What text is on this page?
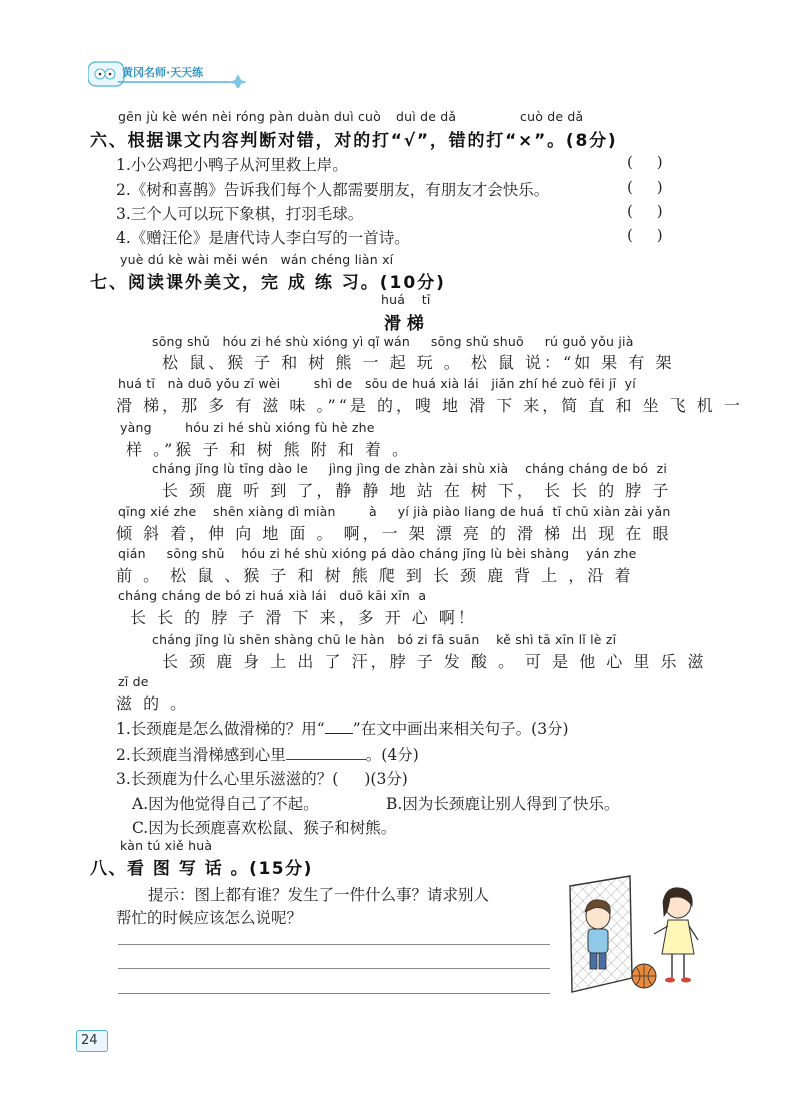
黄冈名师·天天练
gēn jù kè wén nèi róng pàn duàn duì cuò duì de dǎ	cuò de dǎ
六、根据课文内容判断对错，对的打“√”，错的打“×”。(8分)
1.小公鸡把小鸭子从河里救上岸。	(     )
2.《树和喜鹊》告诉我们每个人都需要朋友，有朋友才会快乐。	(     )
3.三个人可以玩下象棋，打羽毛球。	(     )
4.《赠汪伦》是唐代诗人李白写的一首诗。	(     )
yuè dú kè wài měi wén   wán chéng liàn xí
七、阅读课外美文，完 成 练 习。(10分)
huá    tī
滑 梯
sōng shǔ   hóu zi hé shù xióng yì qǐ wán     sōng shǔ shuō     rú guǒ yǒu jià
松 鼠、猴 子 和 树 熊 一 起 玩 。 松 鼠 说：“如 果 有 架
huá tī   nà duō yǒu zī wèi        shì de   sōu de huá xià lái   jiǎn zhí hé zuò fēi jī  yí
滑 梯，那 多 有 滋 味 。”“是 的，嗖 地 滑 下 来，简 直 和 坐 飞 机 一
yàng        hóu zi hé shù xióng fù hè zhe
样 。”猴 子 和 树 熊 附 和 着 。
cháng jǐng lù tīng dào le     jìng jìng de zhàn zài shù xià    cháng cháng de bó  zi
长 颈 鹿 听 到 了，静 静 地 站 在 树 下， 长 长 的 脖 子
qīng xié zhe    shēn xiàng dì miàn        à     yí jià piào liang de huá  tī chū xiàn zài yǎn
倾 斜 着，伸 向 地 面 。 啊，一 架 漂 亮 的 滑 梯 出 现 在 眼
qián     sōng shǔ    hóu zi hé shù xióng pá dào cháng jǐng lù bèi shàng    yán zhe
前 。 松 鼠 、猴 子 和 树 熊 爬 到 长 颈 鹿 背 上 ，沿 着
cháng cháng de bó zi huá xià lái   duō kāi xīn  a
长 长 的 脖 子 滑 下 来，多 开 心 啊！
cháng jǐng lù shēn shàng chū le hàn   bó zi fā suān    kě shì tā xīn lǐ lè zī
长 颈 鹿 身 上 出 了 汗，脖 子 发 酸 。 可 是 他 心 里 乐 滋
zī de
滋 的 。
1.长颈鹿是怎么做滑梯的？用“ ”在文中画出来相关句子。(3分)
2.长颈鹿当滑梯感到心里	。(4分)
3.长颈鹿为什么心里乐滋滋的？( )(3分)
A.因为他觉得自己了不起。	B.因为长颈鹿让别人得到了快乐。
C.因为长颈鹿喜欢松鼠、猴子和树熊。
kàn tú xiě huà
八、看 图 写 话 。(15分)
提示：图上都有谁？发生了一件什么事？请求别人
帮忙的时候应该怎么说呢？
24
